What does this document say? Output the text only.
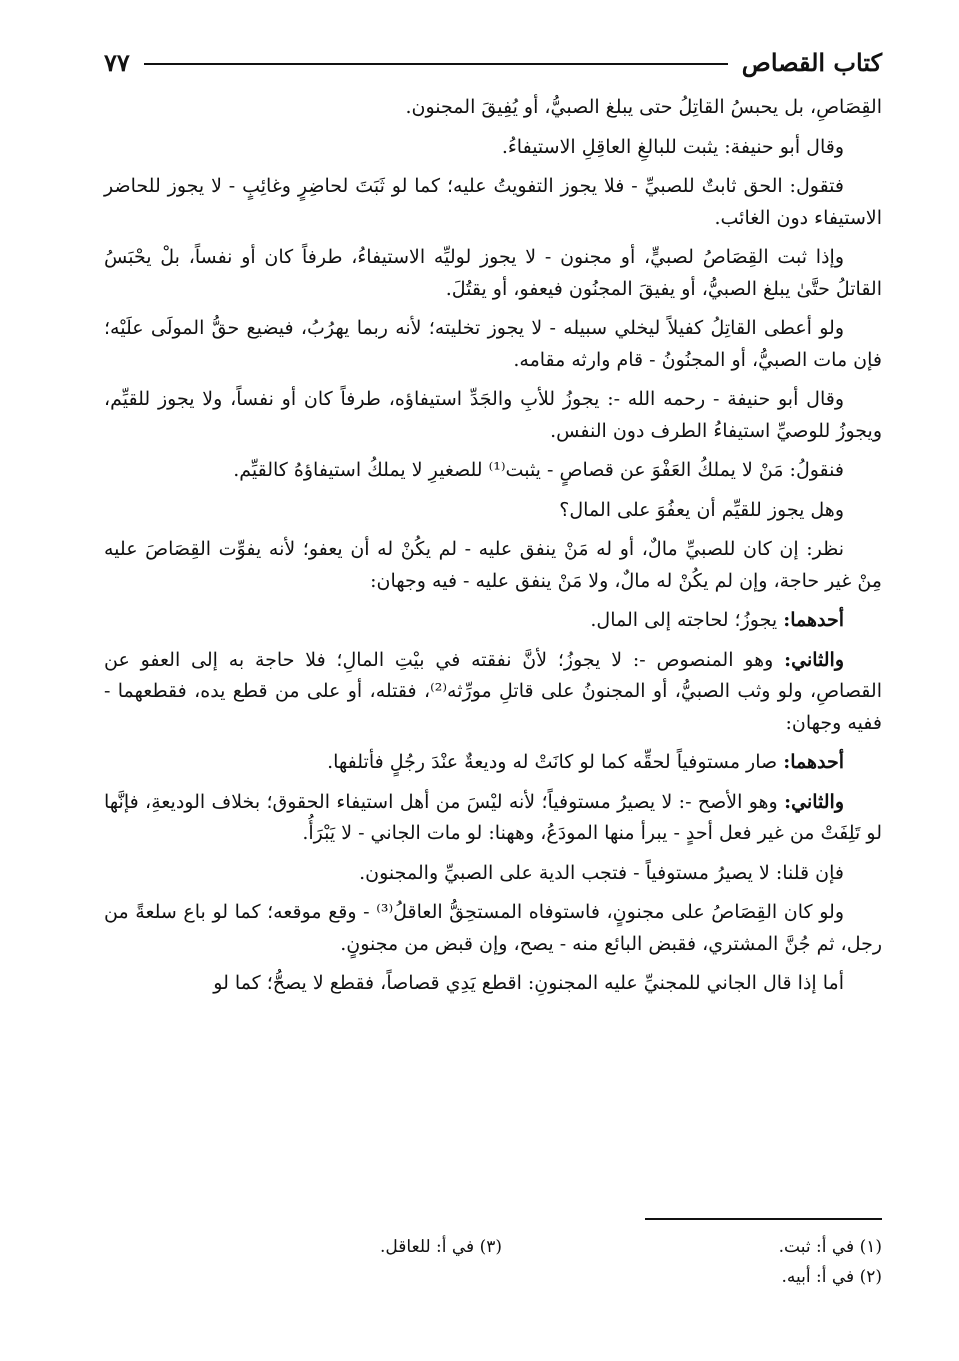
كتاب القصاص
٧٧

القِصَاصِ، بل يحبسُ القاتِلُ حتى يبلغ الصبيُّ، أو يُفِيقَ المجنون.

وقال أبو حنيفة: يثبت للبالغِ العاقِلِ الاستيفاءُ.

فتقول: الحق ثابتٌ للصبيِّ - فلا يجوز التفويتُ عليه؛ كما لو ثَبَتَ لحاضِرٍ وغائِبٍ - لا يجوز للحاضر الاستيفاء دون الغائب.

وإذا ثبت القِصَاصُ لصبيٍّ، أو مجنون - لا يجوز لوليِّه الاستيفاءُ، طرفاً كان أو نفساً، بلْ يحْبَسُ القاتلُ حتَّىٰ يبلغ الصبيُّ، أو يفيقَ المجنُون فيعفو، أو يقتُلَ.

ولو أعطى القاتِلُ كفيلاً ليخلي سبيله - لا يجوز تخليته؛ لأنه ربما يهرُبُ، فيضيع حقُّ المولَى علَيْه؛ فإن مات الصبيُّ، أو المجنُونُ - قام وارثه مقامه.

وقال أبو حنيفة - رحمه الله -: يجوزُ للأبِ والجَدِّ استيفاؤه، طرفاً كان أو نفساً، ولا يجوز للقيِّم، ويجوزُ للوصيِّ استيفاءُ الطرف دون النفس.

فنقولُ: مَنْ لا يملكُ العَفْوَ عن قصاصٍ - يثبت⁽¹⁾ للصغيرِ لا يملكُ استيفاؤهُ كالقيِّم.

وهل يجوز للقيِّم أن يعفُوَ على المال؟

نظر: إن كان للصبيِّ مالٌ، أو له مَنْ ينفق عليه - لم يكُنْ له أن يعفو؛ لأنه يفوِّت القِصَاصَ عليه مِنْ غير حاجة، وإن لم يكُنْ له مالٌ، ولا مَنْ ينفق عليه - فيه وجهان:

أحدهما: يجوزُ؛ لحاجته إلى المال.

والثاني: وهو المنصوص -: لا يجوزُ؛ لأنَّ نفقته في بيْتِ المالِ؛ فلا حاجة به إلى العفو عن القصاصِ، ولو وثب الصبيُّ، أو المجنونُ على قاتلِ مورِّثه⁽²⁾، فقتله، أو على من قطع يده، فقطعهما - ففيه وجهان:

أحدهما: صار مستوفياً لحقِّه كما لو كانَتْ له وديعةٌ عنْدَ رجُلٍ فأتلفها.

والثاني: وهو الأصح -: لا يصيرُ مستوفياً؛ لأنه ليْسَ من أهل استيفاء الحقوق؛ بخلاف الوديعةِ، فإنَّها لو تَلِفَتْ من غير فعل أحدٍ - يبرأ منها المودَعُ، وههنا: لو مات الجاني - لا يَبْرَأُ.

فإن قلنا: لا يصيرُ مستوفياً - فتجب الدية على الصبيِّ والمجنون.

ولو كان القِصَاصُ على مجنونٍ، فاستوفاه المستحِقُّ العاقلُ⁽³⁾ - وقع موقعه؛ كما لو باع سلعةً من رجل، ثم جُنَّ المشتري، فقبض البائع منه - يصح، وإن قبض من مجنونٍ.

أما إذا قال الجاني للمجنيِّ عليه المجنونِ: اقطع يَدِي قصاصاً، فقطع لا يصحُّ؛ كما لو

(١) في أ: ثبت.
(٣) في أ: للعاقل.
(٢) في أ: أبيه.
